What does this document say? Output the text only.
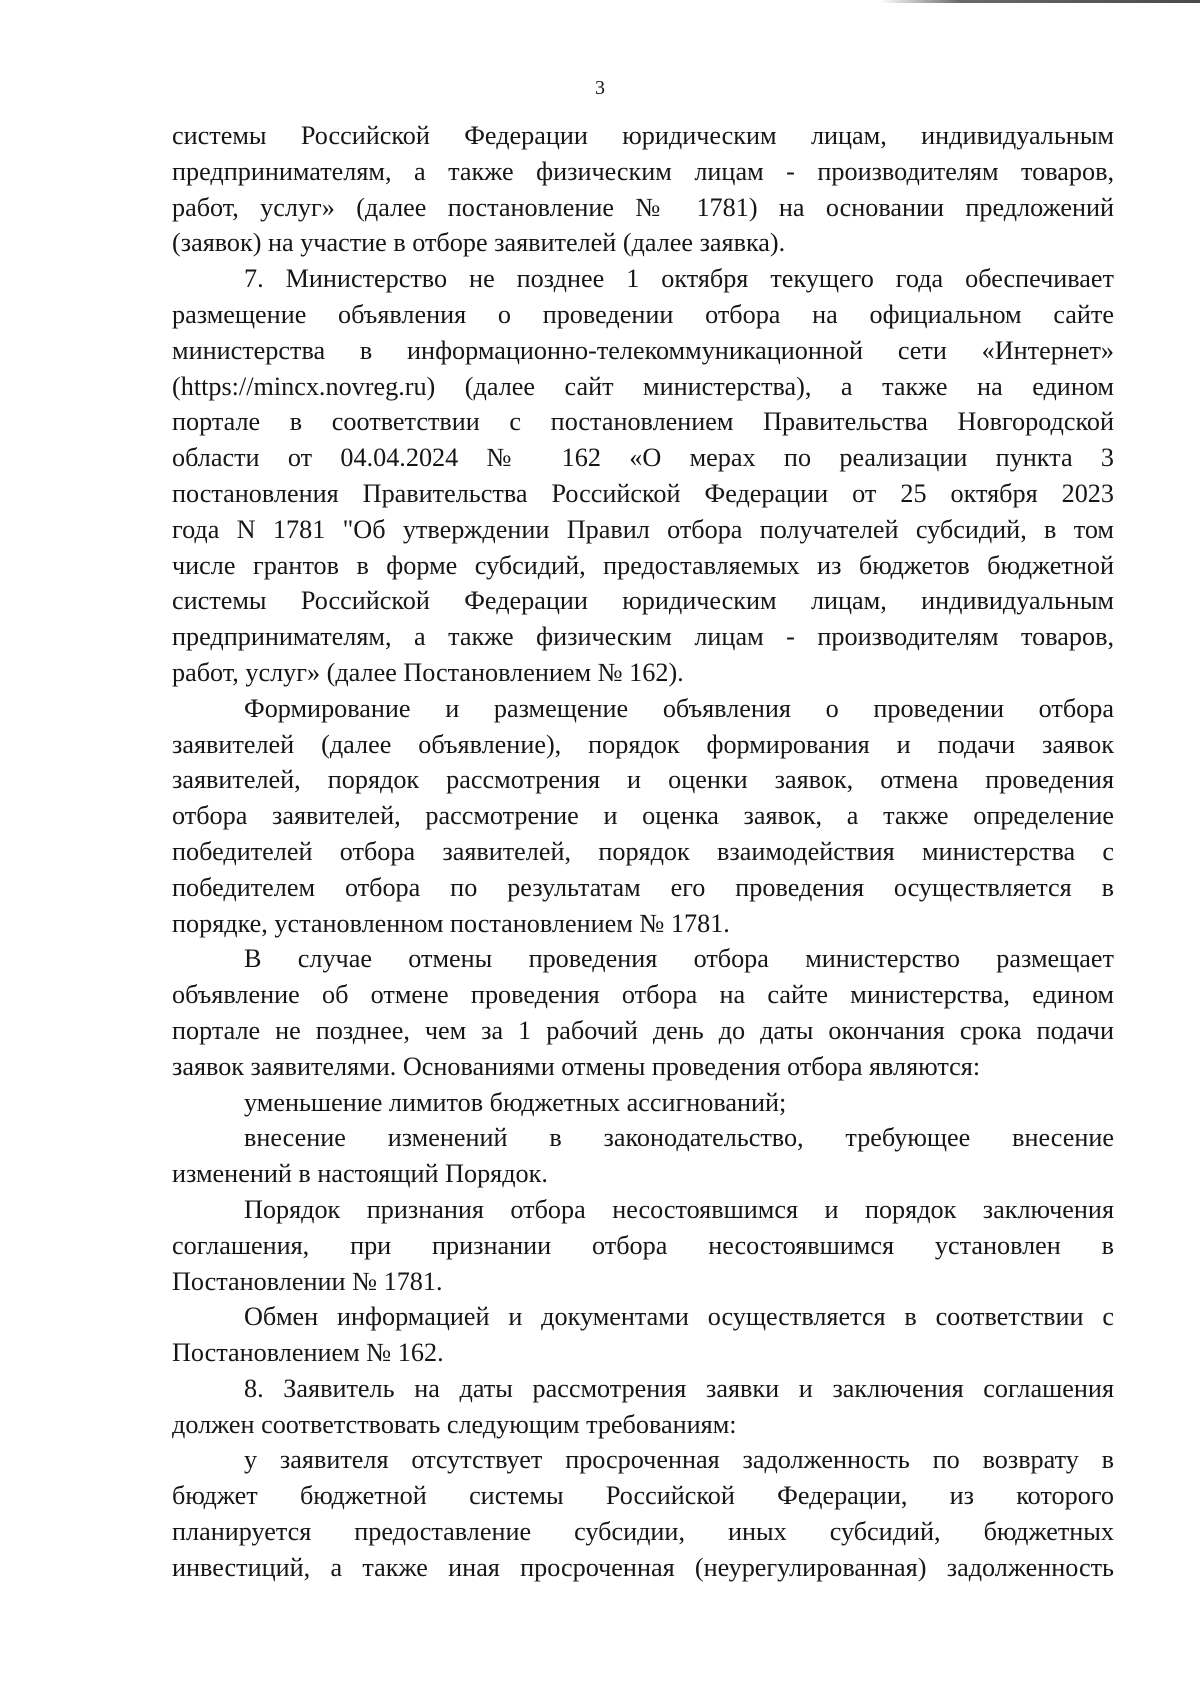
3
системы Российской Федерации юридическим лицам, индивидуальным
предпринимателям, а также физическим лицам - производителям товаров,
работ, услуг» (далее постановление № 1781) на основании предложений
(заявок) на участие в отборе заявителей (далее заявка).
7. Министерство не позднее 1 октября текущего года обеспечивает
размещение объявления о проведении отбора на официальном сайте
министерства в информационно-телекоммуникационной сети «Интернет»
(https://mincx.novreg.ru) (далее сайт министерства), а также на едином
портале в соответствии с постановлением Правительства Новгородской
области от 04.04.2024 № 162 «О мерах по реализации пункта 3
постановления Правительства Российской Федерации от 25 октября 2023
года N 1781 "Об утверждении Правил отбора получателей субсидий, в том
числе грантов в форме субсидий, предоставляемых из бюджетов бюджетной
системы Российской Федерации юридическим лицам, индивидуальным
предпринимателям, а также физическим лицам - производителям товаров,
работ, услуг» (далее Постановлением № 162).
Формирование и размещение объявления о проведении отбора
заявителей (далее объявление), порядок формирования и подачи заявок
заявителей, порядок рассмотрения и оценки заявок, отмена проведения
отбора заявителей, рассмотрение и оценка заявок, а также определение
победителей отбора заявителей, порядок взаимодействия министерства с
победителем отбора по результатам его проведения осуществляется в
порядке, установленном постановлением № 1781.
В случае отмены проведения отбора министерство размещает
объявление об отмене проведения отбора на сайте министерства, едином
портале не позднее, чем за 1 рабочий день до даты окончания срока подачи
заявок заявителями. Основаниями отмены проведения отбора являются:
уменьшение лимитов бюджетных ассигнований;
внесение изменений в законодательство, требующее внесение
изменений в настоящий Порядок.
Порядок признания отбора несостоявшимся и порядок заключения
соглашения, при признании отбора несостоявшимся установлен в
Постановлении № 1781.
Обмен информацией и документами осуществляется в соответствии с
Постановлением № 162.
8. Заявитель на даты рассмотрения заявки и заключения соглашения
должен соответствовать следующим требованиям:
у заявителя отсутствует просроченная задолженность по возврату в
бюджет бюджетной системы Российской Федерации, из которого
планируется предоставление субсидии, иных субсидий, бюджетных
инвестиций, а также иная просроченная (неурегулированная) задолженность
